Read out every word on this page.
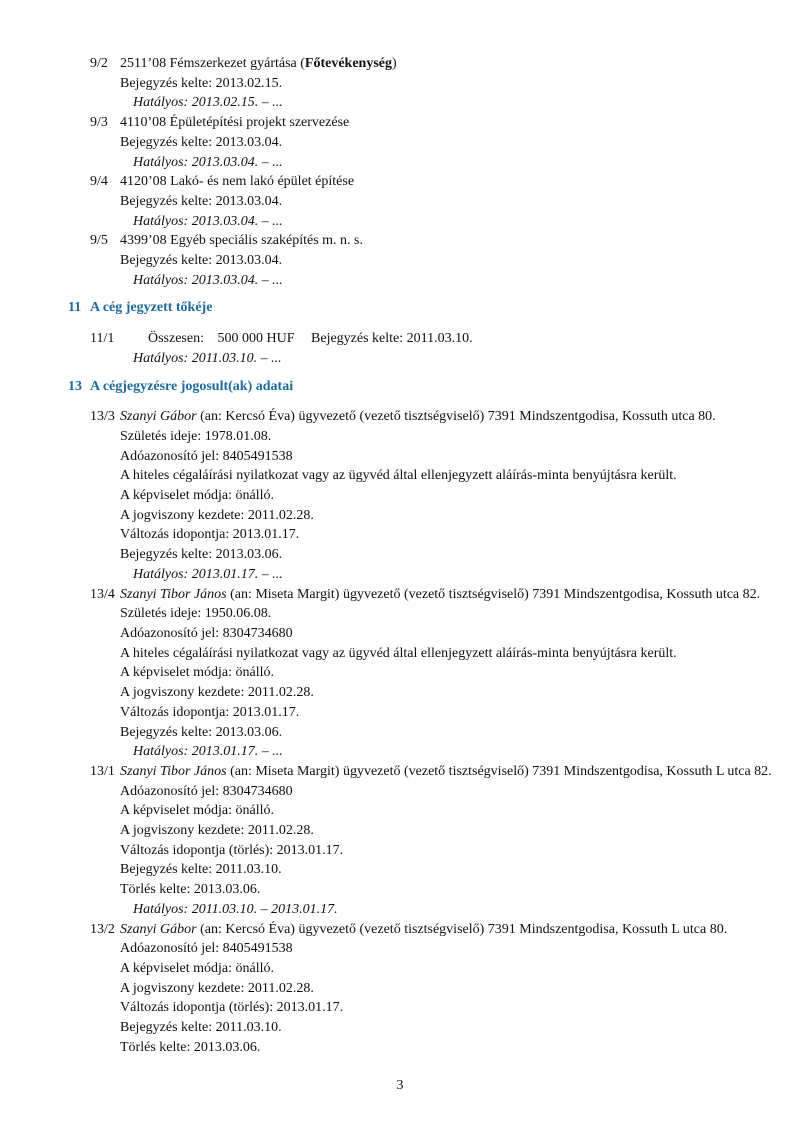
9/2 2511’08 Fémszerkezet gyártása (Főtevékenység)
Bejegyzés kelte: 2013.02.15.
Hatályos: 2013.02.15. – ...
9/3 4110’08 Épületépítési projekt szervezése
Bejegyzés kelte: 2013.03.04.
Hatályos: 2013.03.04. – ...
9/4 4120’08 Lakó- és nem lakó épület építése
Bejegyzés kelte: 2013.03.04.
Hatályos: 2013.03.04. – ...
9/5 4399’08 Egyéb speciális szaképítés m. n. s.
Bejegyzés kelte: 2013.03.04.
Hatályos: 2013.03.04. – ...
11 A cég jegyzett tőkéje
11/1 Összesen: 500 000 HUF Bejegyzés kelte: 2011.03.10.
Hatályos: 2011.03.10. – ...
13 A cégjegyzésre jogosult(ak) adatai
13/3 Szanyi Gábor (an: Kercsó Éva) ügyvezető (vezető tisztségviselő) 7391 Mindszentgodisa, Kossuth utca 80.
Születés ideje: 1978.01.08.
Adóazonosító jel: 8405491538
A hiteles cégaláírási nyilatkozat vagy az ügyvéd által ellenjegyzett aláírás-minta benyújtásra került.
A képviselet módja: önálló.
A jogviszony kezdete: 2011.02.28.
Változás idopontja: 2013.01.17.
Bejegyzés kelte: 2013.03.06.
Hatályos: 2013.01.17. – ...
13/4 Szanyi Tibor János (an: Miseta Margit) ügyvezető (vezető tisztségviselő) 7391 Mindszentgodisa, Kossuth utca 82.
Születés ideje: 1950.06.08.
Adóazonosító jel: 8304734680
A hiteles cégaláírási nyilatkozat vagy az ügyvéd által ellenjegyzett aláírás-minta benyújtásra került.
A képviselet módja: önálló.
A jogviszony kezdete: 2011.02.28.
Változás idopontja: 2013.01.17.
Bejegyzés kelte: 2013.03.06.
Hatályos: 2013.01.17. – ...
13/1 Szanyi Tibor János (an: Miseta Margit) ügyvezető (vezető tisztségviselő) 7391 Mindszentgodisa, Kossuth L utca 82.
Adóazonosító jel: 8304734680
A képviselet módja: önálló.
A jogviszony kezdete: 2011.02.28.
Változás idopontja (törlés): 2013.01.17.
Bejegyzés kelte: 2011.03.10.
Törlés kelte: 2013.03.06.
Hatályos: 2011.03.10. – 2013.01.17.
13/2 Szanyi Gábor (an: Kercsó Éva) ügyvezető (vezető tisztségviselő) 7391 Mindszentgodisa, Kossuth L utca 80.
Adóazonosító jel: 8405491538
A képviselet módja: önálló.
A jogviszony kezdete: 2011.02.28.
Változás idopontja (törlés): 2013.01.17.
Bejegyzés kelte: 2011.03.10.
Törlés kelte: 2013.03.06.
3
